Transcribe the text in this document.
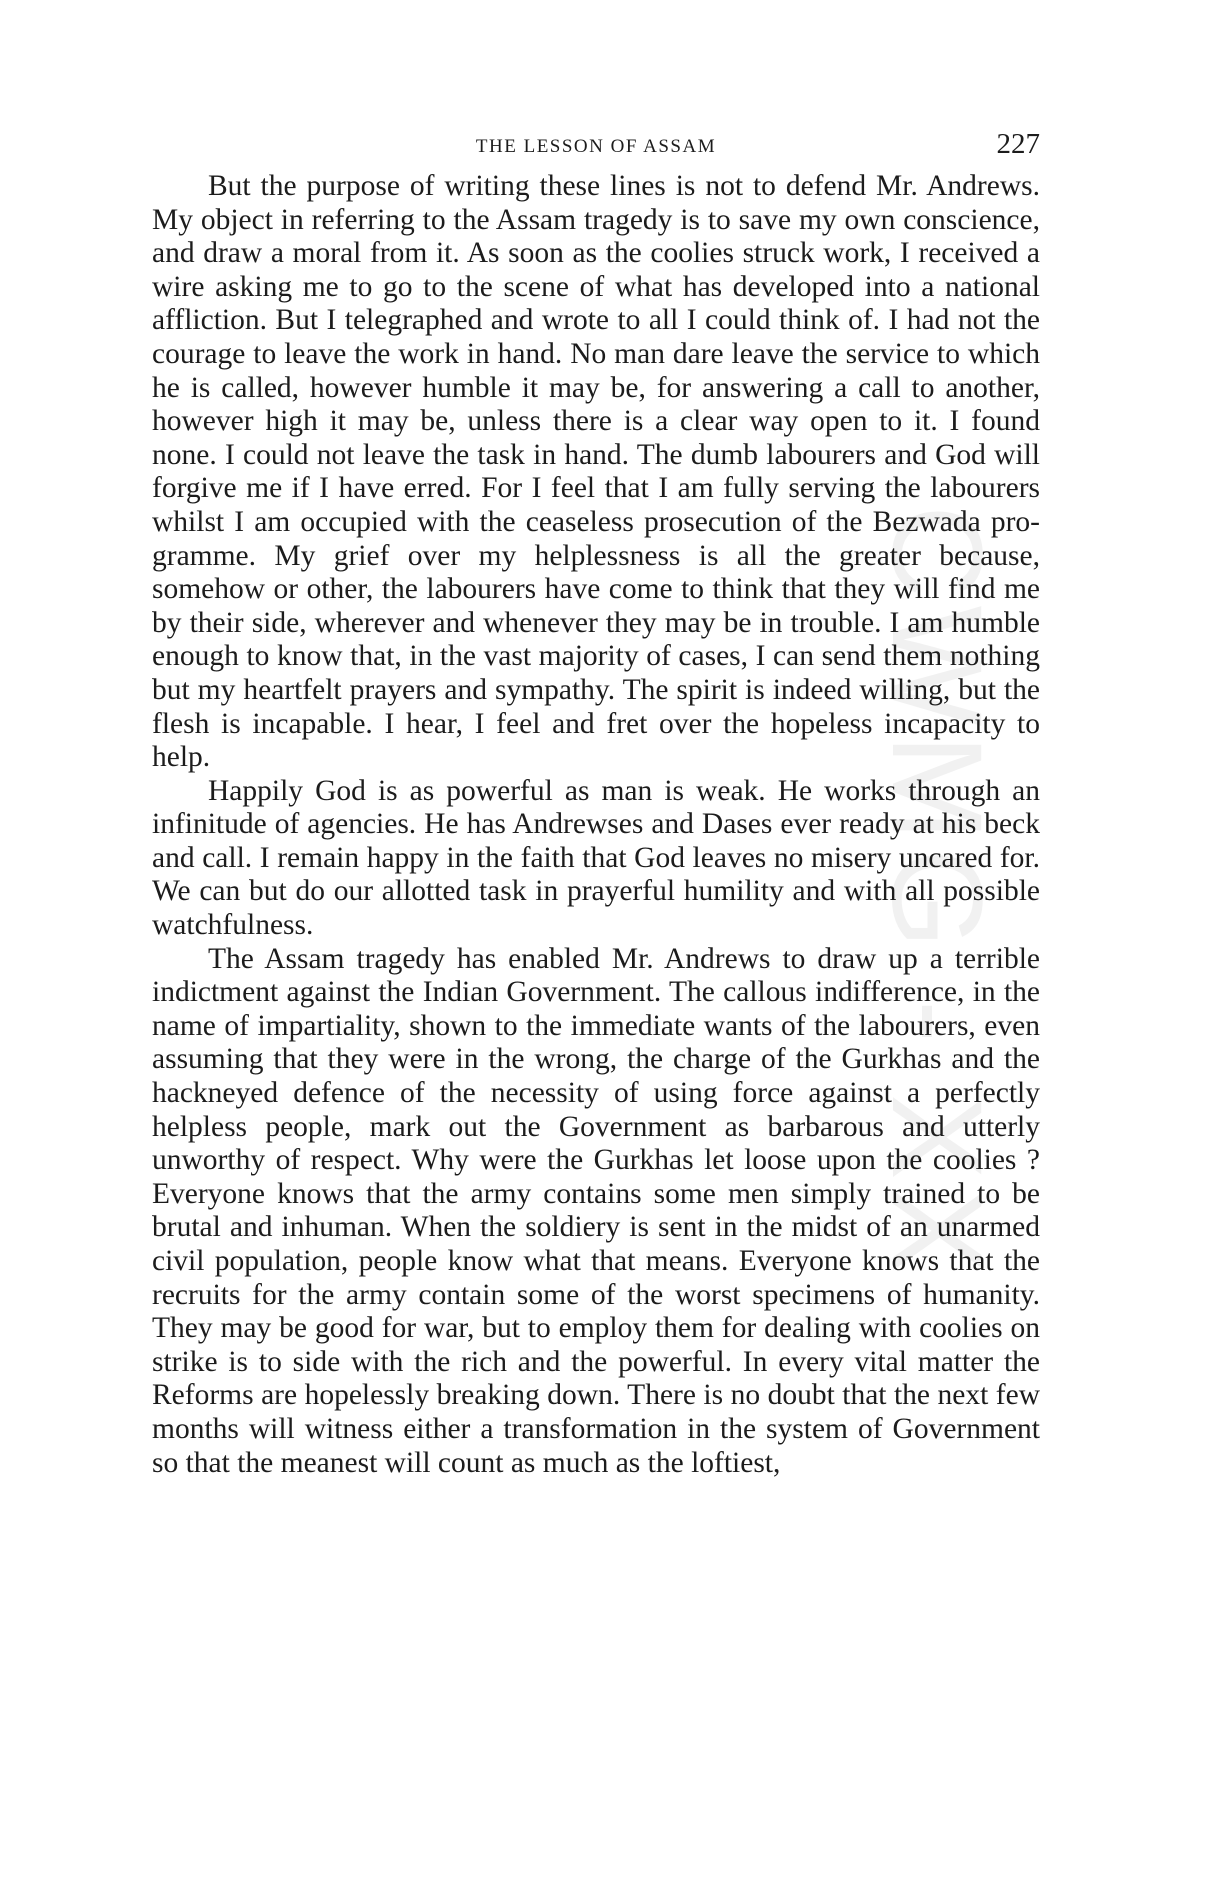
CWMG - XX
THE LESSON OF ASSAM	227

But the purpose of writing these lines is not to defend Mr. Andrews. My object in referring to the Assam tragedy is to save my own conscience, and draw a moral from it. As soon as the coolies struck work, I received a wire asking me to go to the scene of what has developed into a national affliction. But I telegraphed and wrote to all I could think of. I had not the courage to leave the work in hand. No man dare leave the service to which he is called, however humble it may be, for answering a call to another, however high it may be, unless there is a clear way open to it. I found none. I could not leave the task in hand. The dumb labourers and God will forgive me if I have erred. For I feel that I am fully serving the labourers whilst I am occupied with the ceaseless prosecution of the Bezwada programme. My grief over my helplessness is all the greater because, somehow or other, the labourers have come to think that they will find me by their side, wherever and whenever they may be in trouble. I am humble enough to know that, in the vast majority of cases, I can send them nothing but my heartfelt prayers and sympathy. The spirit is indeed willing, but the flesh is incapable. I hear, I feel and fret over the hopeless incapacity to help.

Happily God is as powerful as man is weak. He works through an infinitude of agencies. He has Andrewses and Dases ever ready at his beck and call. I remain happy in the faith that God leaves no misery uncared for. We can but do our allotted task in prayerful humility and with all possible watchfulness.

The Assam tragedy has enabled Mr. Andrews to draw up a terrible indictment against the Indian Government. The callous indifference, in the name of impartiality, shown to the immediate wants of the labourers, even assuming that they were in the wrong, the charge of the Gurkhas and the hackneyed defence of the necessity of using force against a perfectly helpless people, mark out the Government as barbarous and utterly unworthy of respect. Why were the Gurkhas let loose upon the coolies ? Everyone knows that the army contains some men simply trained to be brutal and inhuman. When the soldiery is sent in the midst of an unarmed civil population, people know what that means. Everyone knows that the recruits for the army contain some of the worst specimens of humanity. They may be good for war, but to employ them for dealing with coolies on strike is to side with the rich and the powerful. In every vital matter the Reforms are hopelessly breaking down. There is no doubt that the next few months will witness either a transformation in the system of Government so that the meanest will count as much as the loftiest,
